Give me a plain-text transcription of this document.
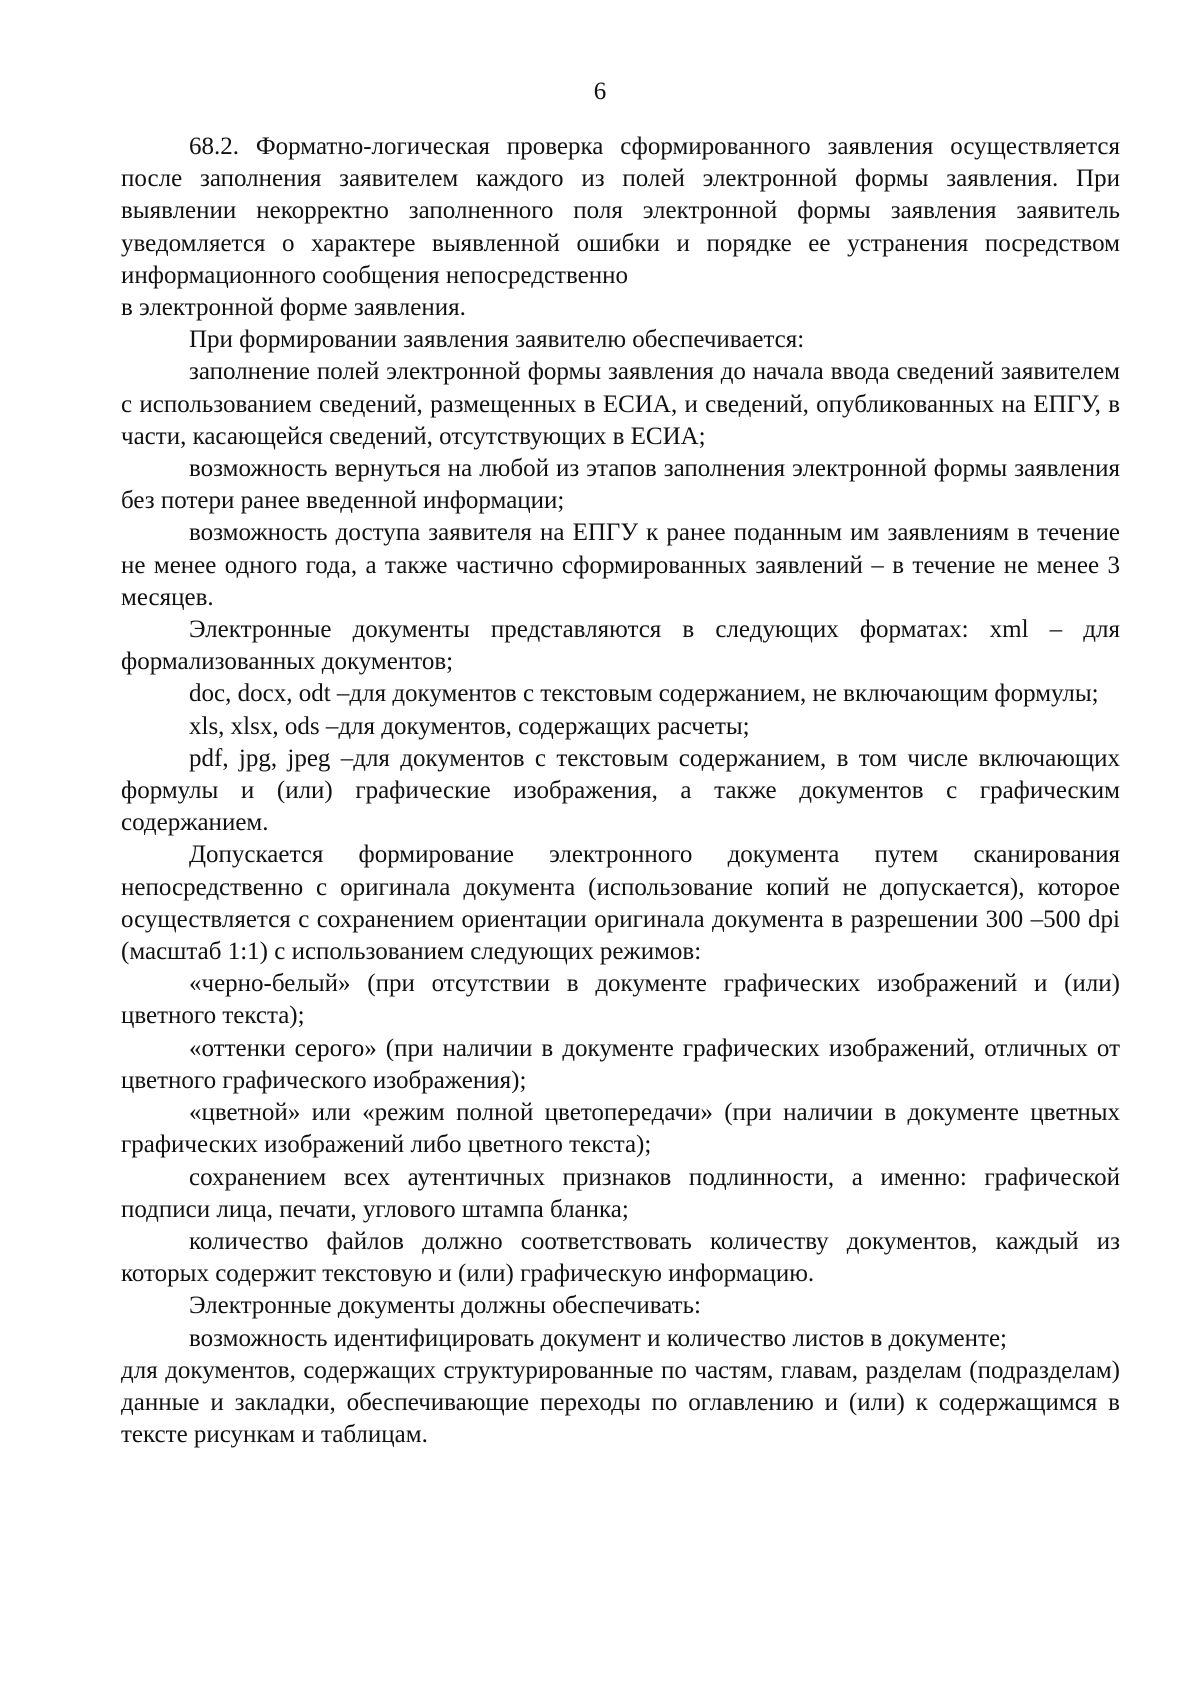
6

68.2. Форматно-логическая проверка сформированного заявления осуществляется после заполнения заявителем каждого из полей электронной формы заявления. При выявлении некорректно заполненного поля электронной формы заявления заявитель уведомляется о характере выявленной ошибки и порядке ее устранения посредством информационного сообщения непосредственно

в электронной форме заявления.

При формировании заявления заявителю обеспечивается:

заполнение полей электронной формы заявления до начала ввода сведений заявителем с использованием сведений, размещенных в ЕСИА, и сведений, опубликованных на ЕПГУ, в части, касающейся сведений, отсутствующих в ЕСИА;

возможность вернуться на любой из этапов заполнения электронной формы заявления без потери ранее введенной информации;

возможность доступа заявителя на ЕПГУ к ранее поданным им заявлениям в течение не менее одного года, а также частично сформированных заявлений – в течение не менее 3 месяцев.

Электронные документы представляются в следующих форматах: xml – для формализованных документов;

doc, docx, odt –для документов с текстовым содержанием, не включающим формулы;

xls, xlsx, ods –для документов, содержащих расчеты;

pdf, jpg, jpeg –для документов с текстовым содержанием, в том числе включающих формулы и (или) графические изображения, а также документов с графическим содержанием.

Допускается формирование электронного документа путем сканирования непосредственно с оригинала документа (использование копий не допускается), которое осуществляется с сохранением ориентации оригинала документа в разрешении 300 –500 dpi (масштаб 1:1) с использованием следующих режимов:

«черно-белый» (при отсутствии в документе графических изображений и (или) цветного текста);

«оттенки серого» (при наличии в документе графических изображений, отличных от цветного графического изображения);

«цветной» или «режим полной цветопередачи» (при наличии в документе цветных графических изображений либо цветного текста);

сохранением всех аутентичных признаков подлинности, а именно: графической подписи лица, печати, углового штампа бланка;

количество файлов должно соответствовать количеству документов, каждый из которых содержит текстовую и (или) графическую информацию.

Электронные документы должны обеспечивать:

возможность идентифицировать документ и количество листов в документе;

для документов, содержащих структурированные по частям, главам, разделам (подразделам) данные и закладки, обеспечивающие переходы по оглавлению и (или) к содержащимся в тексте рисункам и таблицам.
